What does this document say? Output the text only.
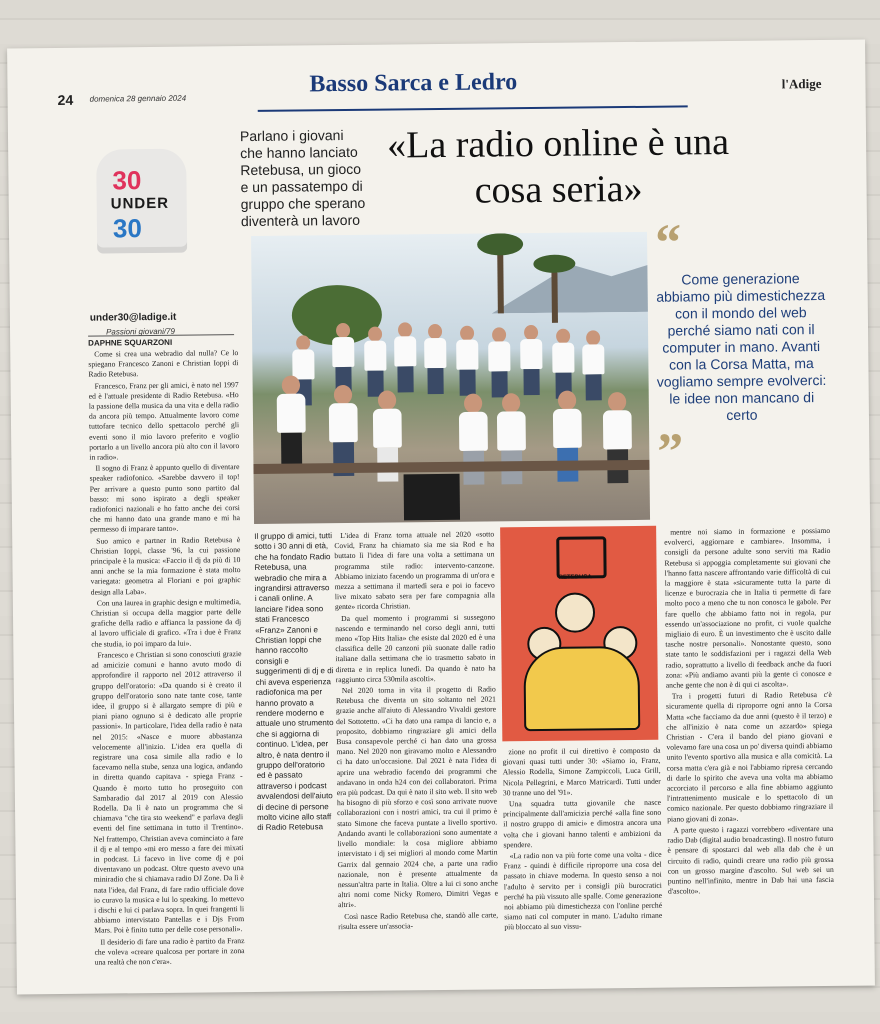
24 domenica 28 gennaio 2024
Basso Sarca e Ledro	l'Adige
30
UNDER
30
under30@ladige.it
Passioni giovani/79
Parlano i giovani che hanno lanciato Retebusa, un gioco e un passatempo di gruppo che sperano diventerà un lavoro
«La radio online è una cosa seria»
“
Come generazione abbiamo più dimestichezza con il mondo del web perché siamo nati con il computer in mano. Avanti con la Corsa Matta, ma vogliamo sempre evolverci: le idee non mancano di certo
”
DAPHNE SQUARZONI

Come si crea una webradio dal nulla? Ce lo spiegano Francesco Zanoni e Christian Ioppi di Radio Retebusa.

Francesco, Franz per gli amici, è nato nel 1997 ed è l'attuale presidente di Radio Retebusa. «Ho la passione della musica da una vita e della radio da ancora più tempo. Attualmente lavoro come tuttofare tecnico dello spettacolo perché gli eventi sono il mio lavoro preferito e voglio portarlo a un livello ancora più alto con il lavoro in radio».

Il sogno di Franz è appunto quello di diventare speaker radiofonico. «Sarebbe davvero il top! Per arrivare a questo punto sono partito dal basso: mi sono ispirato a degli speaker radiofonici nazionali e ho fatto anche dei corsi che mi hanno dato una grande mano e mi ha permesso di imparare tanto».

Suo amico e partner in Radio Retebusa è Christian Ioppi, classe '96, la cui passione principale è la musica: «Faccio il dj da più di 10 anni anche se la mia formazione è stata molto variegata: geometra al Floriani e poi graphic design alla Laba».

Con una laurea in graphic design e multimedia, Christian si occupa della maggior parte delle grafiche della radio e affianca la passione da dj al lavoro ufficiale di grafico. «Tra i due è Franz che studia, io poi imparo da lui».

Francesco e Christian si sono conosciuti grazie ad amicizie comuni e hanno avuto modo di approfondire il rapporto nel 2012 attraverso il gruppo dell'oratorio: «Da quando si è creato il gruppo dell'oratorio sono nate tante cose, tante idee, il gruppo si è allargato sempre di più e piani piano ognuno si è dedicato alle proprie passioni». In particolare, l'idea della radio è nata nel 2015: «Nasce e muore abbastanza velocemente all'inizio. L'idea era quella di registrare una cosa simile alla radio e lo facevamo nella stube, senza una logica, andando in diretta quando capitava - spiega Franz - Quando è morto tutto ho proseguito con Sambaradio dal 2017 al 2019 con Alessio Rodella. Da lì è nato un programma che si chiamava "che tira sto weekend" e parlava degli eventi del fine settimana in tutto il Trentino». Nel frattempo, Christian aveva cominciato a fare il dj e al tempo «mi ero messo a fare dei mixati in podcast. Li facevo in live come dj e poi diventavano un podcast. Oltre questo avevo una miniradio che si chiamava radio DJ Zone. Da lì è nata l'idea, dal Franz, di fare radio ufficiale dove io curavo la musica e lui lo speaking. Io mettevo i dischi e lui ci parlava sopra. In quei frangenti li abbiamo intervistato Pantellas e i Djs From Mars. Poi è finito tutto per delle cose personali».

Il desiderio di fare una radio è partito da Franz che voleva «creare qualcosa per portare in zona una realtà che non c'era».

Il gruppo di amici, tutti sotto i 30 anni di età, che ha fondato Radio Retebusa, una webradio che mira a ingrandirsi attraverso i canali online. A lanciare l'idea sono stati Francesco «Franz» Zanoni e Christian Ioppi che hanno raccolto consigli e suggerimenti di dj e di chi aveva esperienza radiofonica ma per hanno provato a rendere moderno e attuale uno strumento che si aggiorna di continuo. L'idea, per altro, è nata dentro il gruppo dell'oratorio ed è passato attraverso i podcast avvalendosi dell'aiuto di decine di persone molto vicine allo staff di Radio Retebusa

L'idea di Franz torna attuale nel 2020 «sotto Covid, Franz ha chiamato sia me sia Rod e ha buttato lì l'idea di fare una volta a settimana un programma stile radio: intervento-canzone. Abbiamo iniziato facendo un programma di un'ora e mezza a settimana il martedì sera e poi io facevo live mixato sabato sera per fare compagnia alla gente» ricorda Christian.

Da quel momento i programmi si sussegono nascendo e terminando nel corso degli anni, tutti meno «Top Hits Italia» che esiste dal 2020 ed è una classifica delle 20 canzoni più suonate dalle radio italiane dalla settimana che io trasmetto sabato in diretta e in replica lunedì. Da quando è nato ha raggiunto circa 530mila ascolti».

Nel 2020 torna in vita il progetto di Radio Retebusa che diventa un sito soltanto nel 2021 grazie anche all'aiuto di Alessandro Vivaldi gestore del Sottotetto. «Ci ha dato una rampa di lancio e, a proposito, dobbiamo ringraziare gli amici della Busa consapevole perché ci han dato una grossa mano. Nel 2020 non giravamo molto e Alessandro ci ha dato un'occasione. Dal 2021 è nata l'idea di aprire una webradio facendo dei programmi che andavano in onda h24 con dei collaboratori. Prima era più podcast. Da qui è nato il sito web. Il sito web ha bisogno di più sforzo e così sono arrivate nuove collaborazioni con i nostri amici, tra cui il primo è stato Simone che faceva puntate a livello sportivo. Andando avanti le collaborazioni sono aumentate a livello mondiale: la cosa migliore abbiamo intervistato i dj sei migliori al mondo come Martin Garrix dal gennaio 2024 che, a parte una radio nazionale, non è presente attualmente da nessun'altra parte in Italia. Oltre a lui ci sono anche altri nomi come Nicky Romero, Dimitri Vegas e altri».

Così nasce Radio Retebusa che, standò alle carte, risulta essere un'associa-

RETEBUSA

zione no profit il cui direttivo è composto da giovani quasi tutti under 30: «Siamo io, Franz, Alessio Rodella, Simone Zampiccoli, Luca Grill, Nicola Pellegrini, e Marco Matricardi. Tutti under 30 tranne uno del '91».

Una squadra tutta giovanile che nasce principalmente dall'amicizia perché «alla fine sono il nostro gruppo di amici» e dimostra ancora una volta che i giovani hanno talenti e ambizioni da spendere.

«La radio non va più forte come una volta - dice Franz - quindi è difficile riproporre una cosa del passato in chiave moderna. In questo senso a noi l'adulto è servito per i consigli più burocratici perché ha più vissuto alle spalle. Come generazione noi abbiamo più dimestichezza con l'online perché siamo nati col computer in mano. L'adulto rimane più bloccato al suo vissu-

mentre noi siamo in formazione e possiamo evolverci, aggiornare e cambiare». Insomma, i consigli da persone adulte sono serviti ma Radio Retebusa si appoggia completamente sui giovani che l'hanno fatta nascere affrontando varie difficoltà di cui la maggiore è stata «sicuramente tutta la parte di licenze e burocrazia che in Italia ti permette di fare molto poco a meno che tu non conosca le gabole. Per fare quello che abbiamo fatto noi in regola, pur essendo un'associazione no profit, ci vuole qualche migliaio di euro. È un investimento che è uscito dalle tasche nostre personali». Nonostante questo, sono state tanto le soddisfazioni per i ragazzi della Web radio, soprattutto a livello di feedback anche da fuori zona: «Più andiamo avanti più la gente ci conosce e anche gente che non è di qui ci ascolta».

Tra i progetti futuri di Radio Retebusa c'è sicuramente quella di riproporre ogni anno la Corsa Matta «che facciamo da due anni (questo è il terzo) e che all'inizio è nata come un azzardo» spiega Christian - C'era il bando del piano giovani e volevamo fare una cosa un po' diversa quindi abbiamo unito l'evento sportivo alla musica e alla comicità. La corsa matta c'era già e noi l'abbiamo ripresa cercando di darle lo spirito che aveva una volta ma abbiamo accorciato il percorso e alla fine abbiamo aggiunto l'intrattenimento musicale e lo spettacolo di un comico nazionale. Per questo dobbiamo ringraziare il piano giovani di zona».

A parte questo i ragazzi vorrebbero «diventare una radio Dab (digital audio broadcasting). Il nostro futuro è pensare di spostarci dal web alla dab che è un circuito di radio, quindi creare una radio più grossa con un grosso margine d'ascolto. Sul web sei un puntino nell'infinito, mentre in Dab hai una fascia d'ascolto».
